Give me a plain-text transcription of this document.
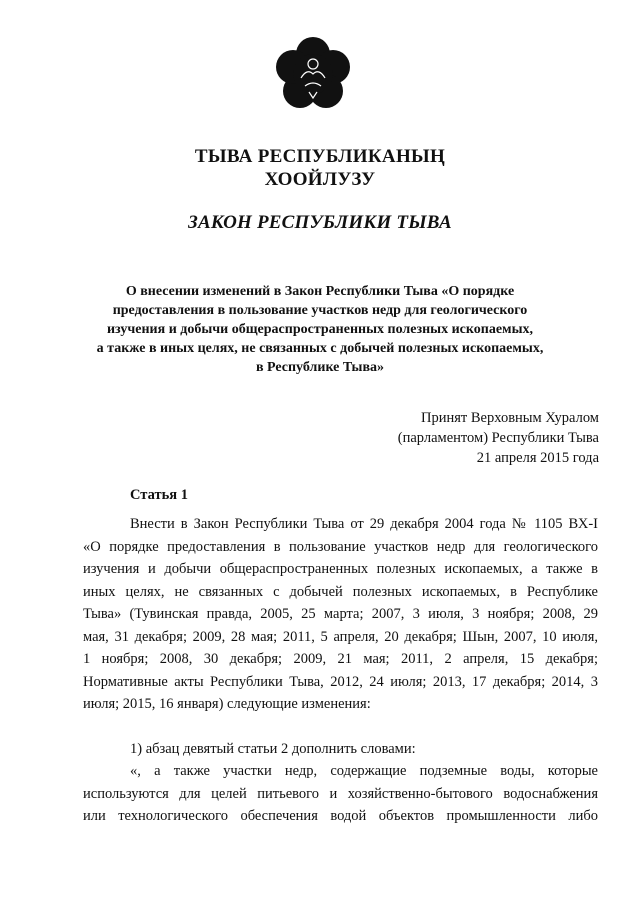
ТЫВА РЕСПУБЛИКАНЫҢ
ХООЙЛУЗУ
ЗАКОН РЕСПУБЛИКИ ТЫВА
О внесении изменений в Закон Республики Тыва «О порядке
предоставления в пользование участков недр для геологического
изучения и добычи общераспространенных полезных ископаемых,
а также в иных целях, не связанных с добычей полезных ископаемых,
в Республике Тыва»
Принят Верховным Хуралом
(парламентом) Республики Тыва
21 апреля 2015 года
Статья 1
Внести в Закон Республики Тыва от 29 декабря 2004 года № 1105 ВХ-I
«О порядке предоставления в пользование участков недр для геологического
изучения и добычи общераспространенных полезных ископаемых, а также в
иных целях, не связанных с добычей полезных ископаемых, в Республике
Тыва» (Тувинская правда, 2005, 25 марта; 2007, 3 июля, 3 ноября; 2008, 29
мая, 31 декабря; 2009, 28 мая; 2011, 5 апреля, 20 декабря; Шын, 2007, 10 июля,
1 ноября; 2008, 30 декабря; 2009, 21 мая; 2011, 2 апреля, 15 декабря;
Нормативные акты Республики Тыва, 2012, 24 июля; 2013, 17 декабря; 2014, 3
июля; 2015, 16 января) следующие изменения:
1) абзац девятый статьи 2 дополнить словами:
«, а также участки недр, содержащие подземные воды, которые
используются для целей питьевого и хозяйственно-бытового водоснабжения
или технологического обеспечения водой объектов промышленности либо
